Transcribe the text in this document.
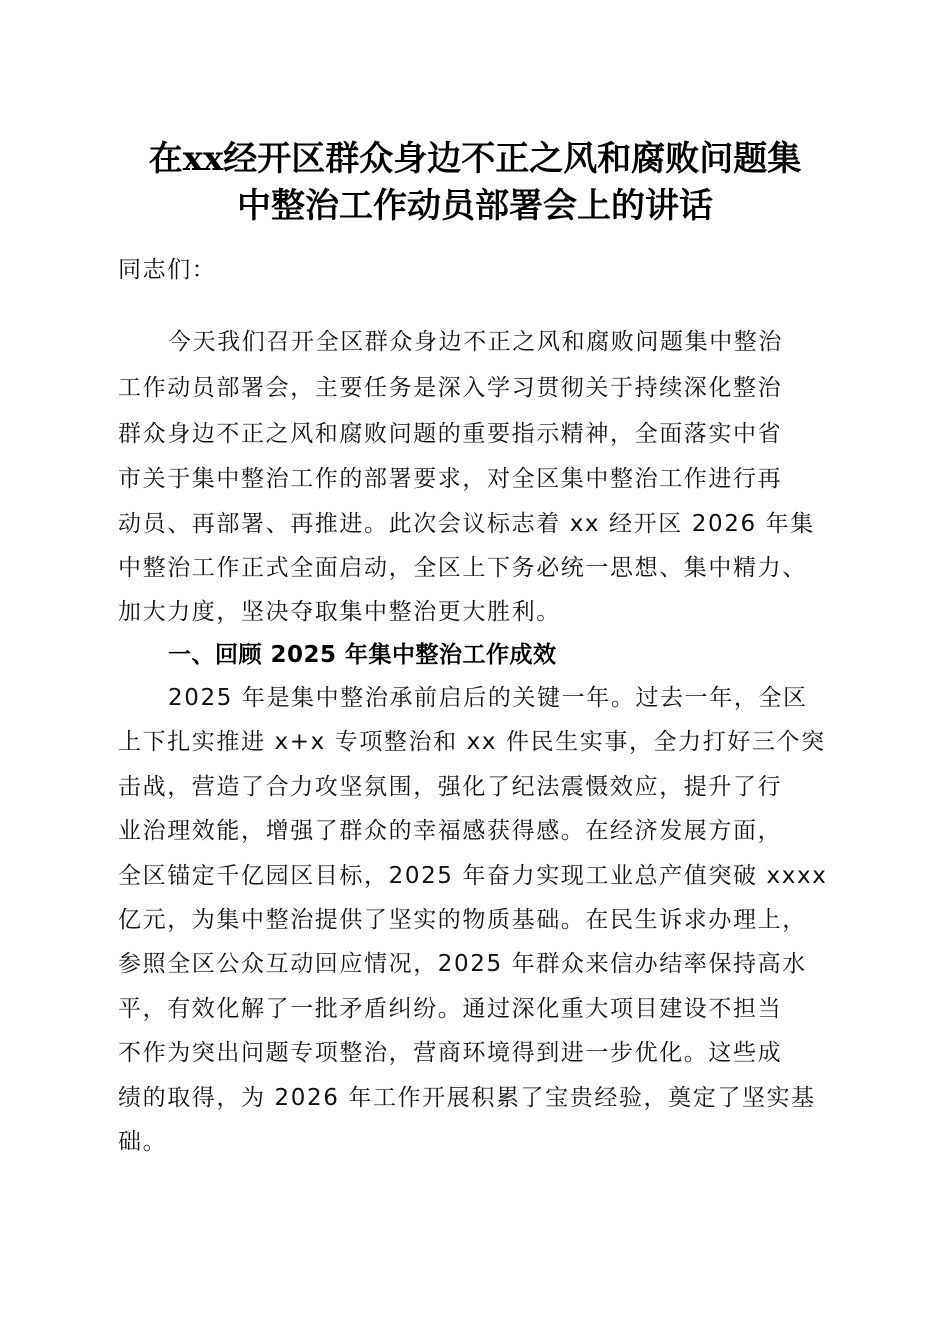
在xx经开区群众身边不正之风和腐败问题集
中整治工作动员部署会上的讲话
同志们：
今天我们召开全区群众身边不正之风和腐败问题集中整治
工作动员部署会，主要任务是深入学习贯彻关于持续深化整治
群众身边不正之风和腐败问题的重要指示精神，全面落实中省
市关于集中整治工作的部署要求，对全区集中整治工作进行再
动员、再部署、再推进。此次会议标志着 xx 经开区 2026 年集
中整治工作正式全面启动，全区上下务必统一思想、集中精力、
加大力度，坚决夺取集中整治更大胜利。
一、回顾 2025 年集中整治工作成效
2025 年是集中整治承前启后的关键一年。过去一年，全区
上下扎实推进 x+x 专项整治和 xx 件民生实事，全力打好三个突
击战，营造了合力攻坚氛围，强化了纪法震慑效应，提升了行
业治理效能，增强了群众的幸福感获得感。在经济发展方面，
全区锚定千亿园区目标，2025 年奋力实现工业总产值突破 xxxx
亿元，为集中整治提供了坚实的物质基础。在民生诉求办理上，
参照全区公众互动回应情况，2025 年群众来信办结率保持高水
平，有效化解了一批矛盾纠纷。通过深化重大项目建设不担当
不作为突出问题专项整治，营商环境得到进一步优化。这些成
绩的取得，为 2026 年工作开展积累了宝贵经验，奠定了坚实基
础。
